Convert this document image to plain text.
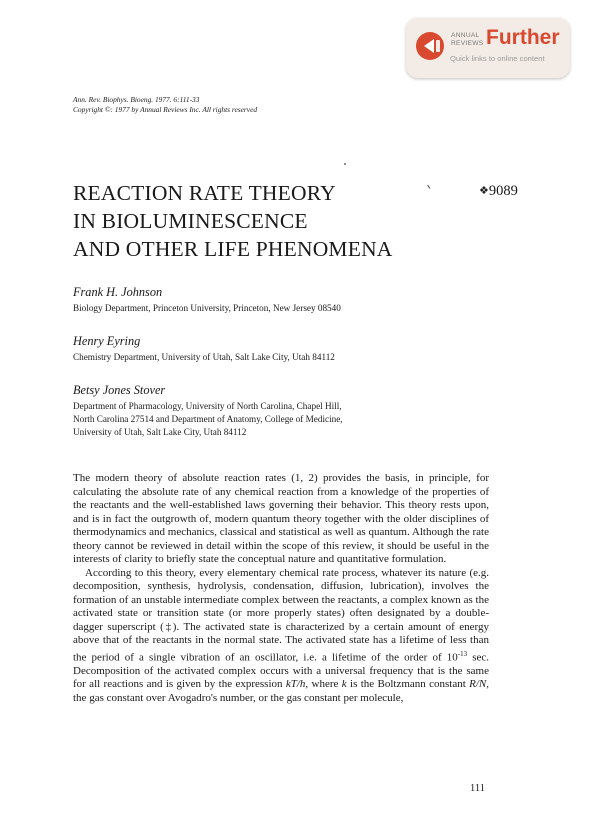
ANNUAL
REVIEWS Further
Quick links to online content
Ann. Rev. Biophys. Bioeng. 1977. 6:111-33
Copyright ©: 1977 by Annual Reviews Inc. All rights reserved
REACTION RATE THEORY
IN BIOLUMINESCENCE
AND OTHER LIFE PHENOMENA
❖9089
Frank H. Johnson
Biology Department, Princeton University, Princeton, New Jersey 08540
Henry Eyring
Chemistry Department, University of Utah, Salt Lake City, Utah 84112
Betsy Jones Stover
Department of Pharmacology, University of North Carolina, Chapel Hill,
North Carolina 27514 and Department of Anatomy, College of Medicine,
University of Utah, Salt Lake City, Utah 84112

The modern theory of absolute reaction rates (1, 2) provides the basis, in principle, for calculating the absolute rate of any chemical reaction from a knowledge of the properties of the reactants and the well-established laws governing their behavior. This theory rests upon, and is in fact the outgrowth of, modern quantum theory together with the older disciplines of thermodynamics and mechanics, classical and statistical as well as quantum. Although the rate theory cannot be reviewed in detail within the scope of this review, it should be useful in the interests of clarity to briefly state the conceptual nature and quantitative formulation.

According to this theory, every elementary chemical rate process, whatever its nature (e.g. decomposition, synthesis, hydrolysis, condensation, diffusion, lubrication), involves the formation of an unstable intermediate complex between the reactants, a complex known as the activated state or transition state (or more properly states) often designated by a double-dagger superscript (‡). The activated state is characterized by a certain amount of energy above that of the reactants in the normal state. The activated state has a lifetime of less than the period of a single vibration of an oscillator, i.e. a lifetime of the order of $10^{-13}$ sec. Decomposition of the activated complex occurs with a universal frequency that is the same for all reactions and is given by the expression kT/h, where k is the Boltzmann constant R/N, the gas constant over Avogadro's number, or the gas constant per molecule,

111
